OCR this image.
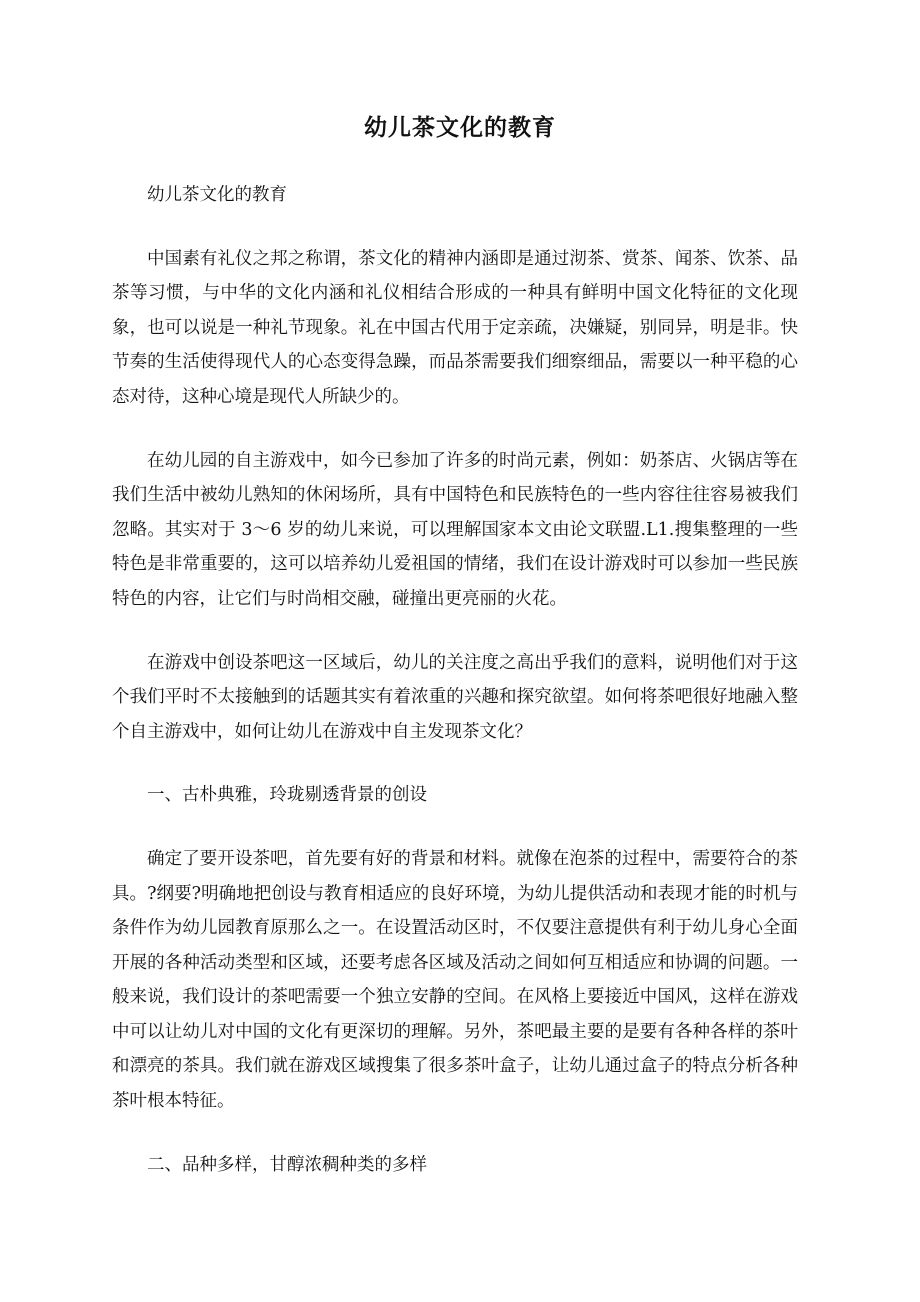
幼儿茶文化的教育

幼儿茶文化的教育

中国素有礼仪之邦之称谓，茶文化的精神内涵即是通过沏茶、赏茶、闻茶、饮茶、品茶等习惯，与中华的文化内涵和礼仪相结合形成的一种具有鲜明中国文化特征的文化现象，也可以说是一种礼节现象。礼在中国古代用于定亲疏，决嫌疑，别同异，明是非。快节奏的生活使得现代人的心态变得急躁，而品茶需要我们细察细品，需要以一种平稳的心态对待，这种心境是现代人所缺少的。

在幼儿园的自主游戏中，如今已参加了许多的时尚元素，例如：奶茶店、火锅店等在我们生活中被幼儿熟知的休闲场所，具有中国特色和民族特色的一些内容往往容易被我们忽略。其实对于 3～6 岁的幼儿来说，可以理解国家本文由论文联盟.L1.搜集整理的一些特色是非常重要的，这可以培养幼儿爱祖国的情绪，我们在设计游戏时可以参加一些民族特色的内容，让它们与时尚相交融，碰撞出更亮丽的火花。

在游戏中创设茶吧这一区域后，幼儿的关注度之高出乎我们的意料，说明他们对于这个我们平时不太接触到的话题其实有着浓重的兴趣和探究欲望。如何将茶吧很好地融入整个自主游戏中，如何让幼儿在游戏中自主发现茶文化？

一、古朴典雅，玲珑剔透背景的创设

确定了要开设茶吧，首先要有好的背景和材料。就像在泡茶的过程中，需要符合的茶具。?纲要?明确地把创设与教育相适应的良好环境，为幼儿提供活动和表现才能的时机与条件作为幼儿园教育原那么之一。在设置活动区时，不仅要注意提供有利于幼儿身心全面开展的各种活动类型和区域，还要考虑各区域及活动之间如何互相适应和协调的问题。一般来说，我们设计的茶吧需要一个独立安静的空间。在风格上要接近中国风，这样在游戏中可以让幼儿对中国的文化有更深切的理解。另外，茶吧最主要的是要有各种各样的茶叶和漂亮的茶具。我们就在游戏区域搜集了很多茶叶盒子，让幼儿通过盒子的特点分析各种茶叶根本特征。

二、品种多样，甘醇浓稠种类的多样
